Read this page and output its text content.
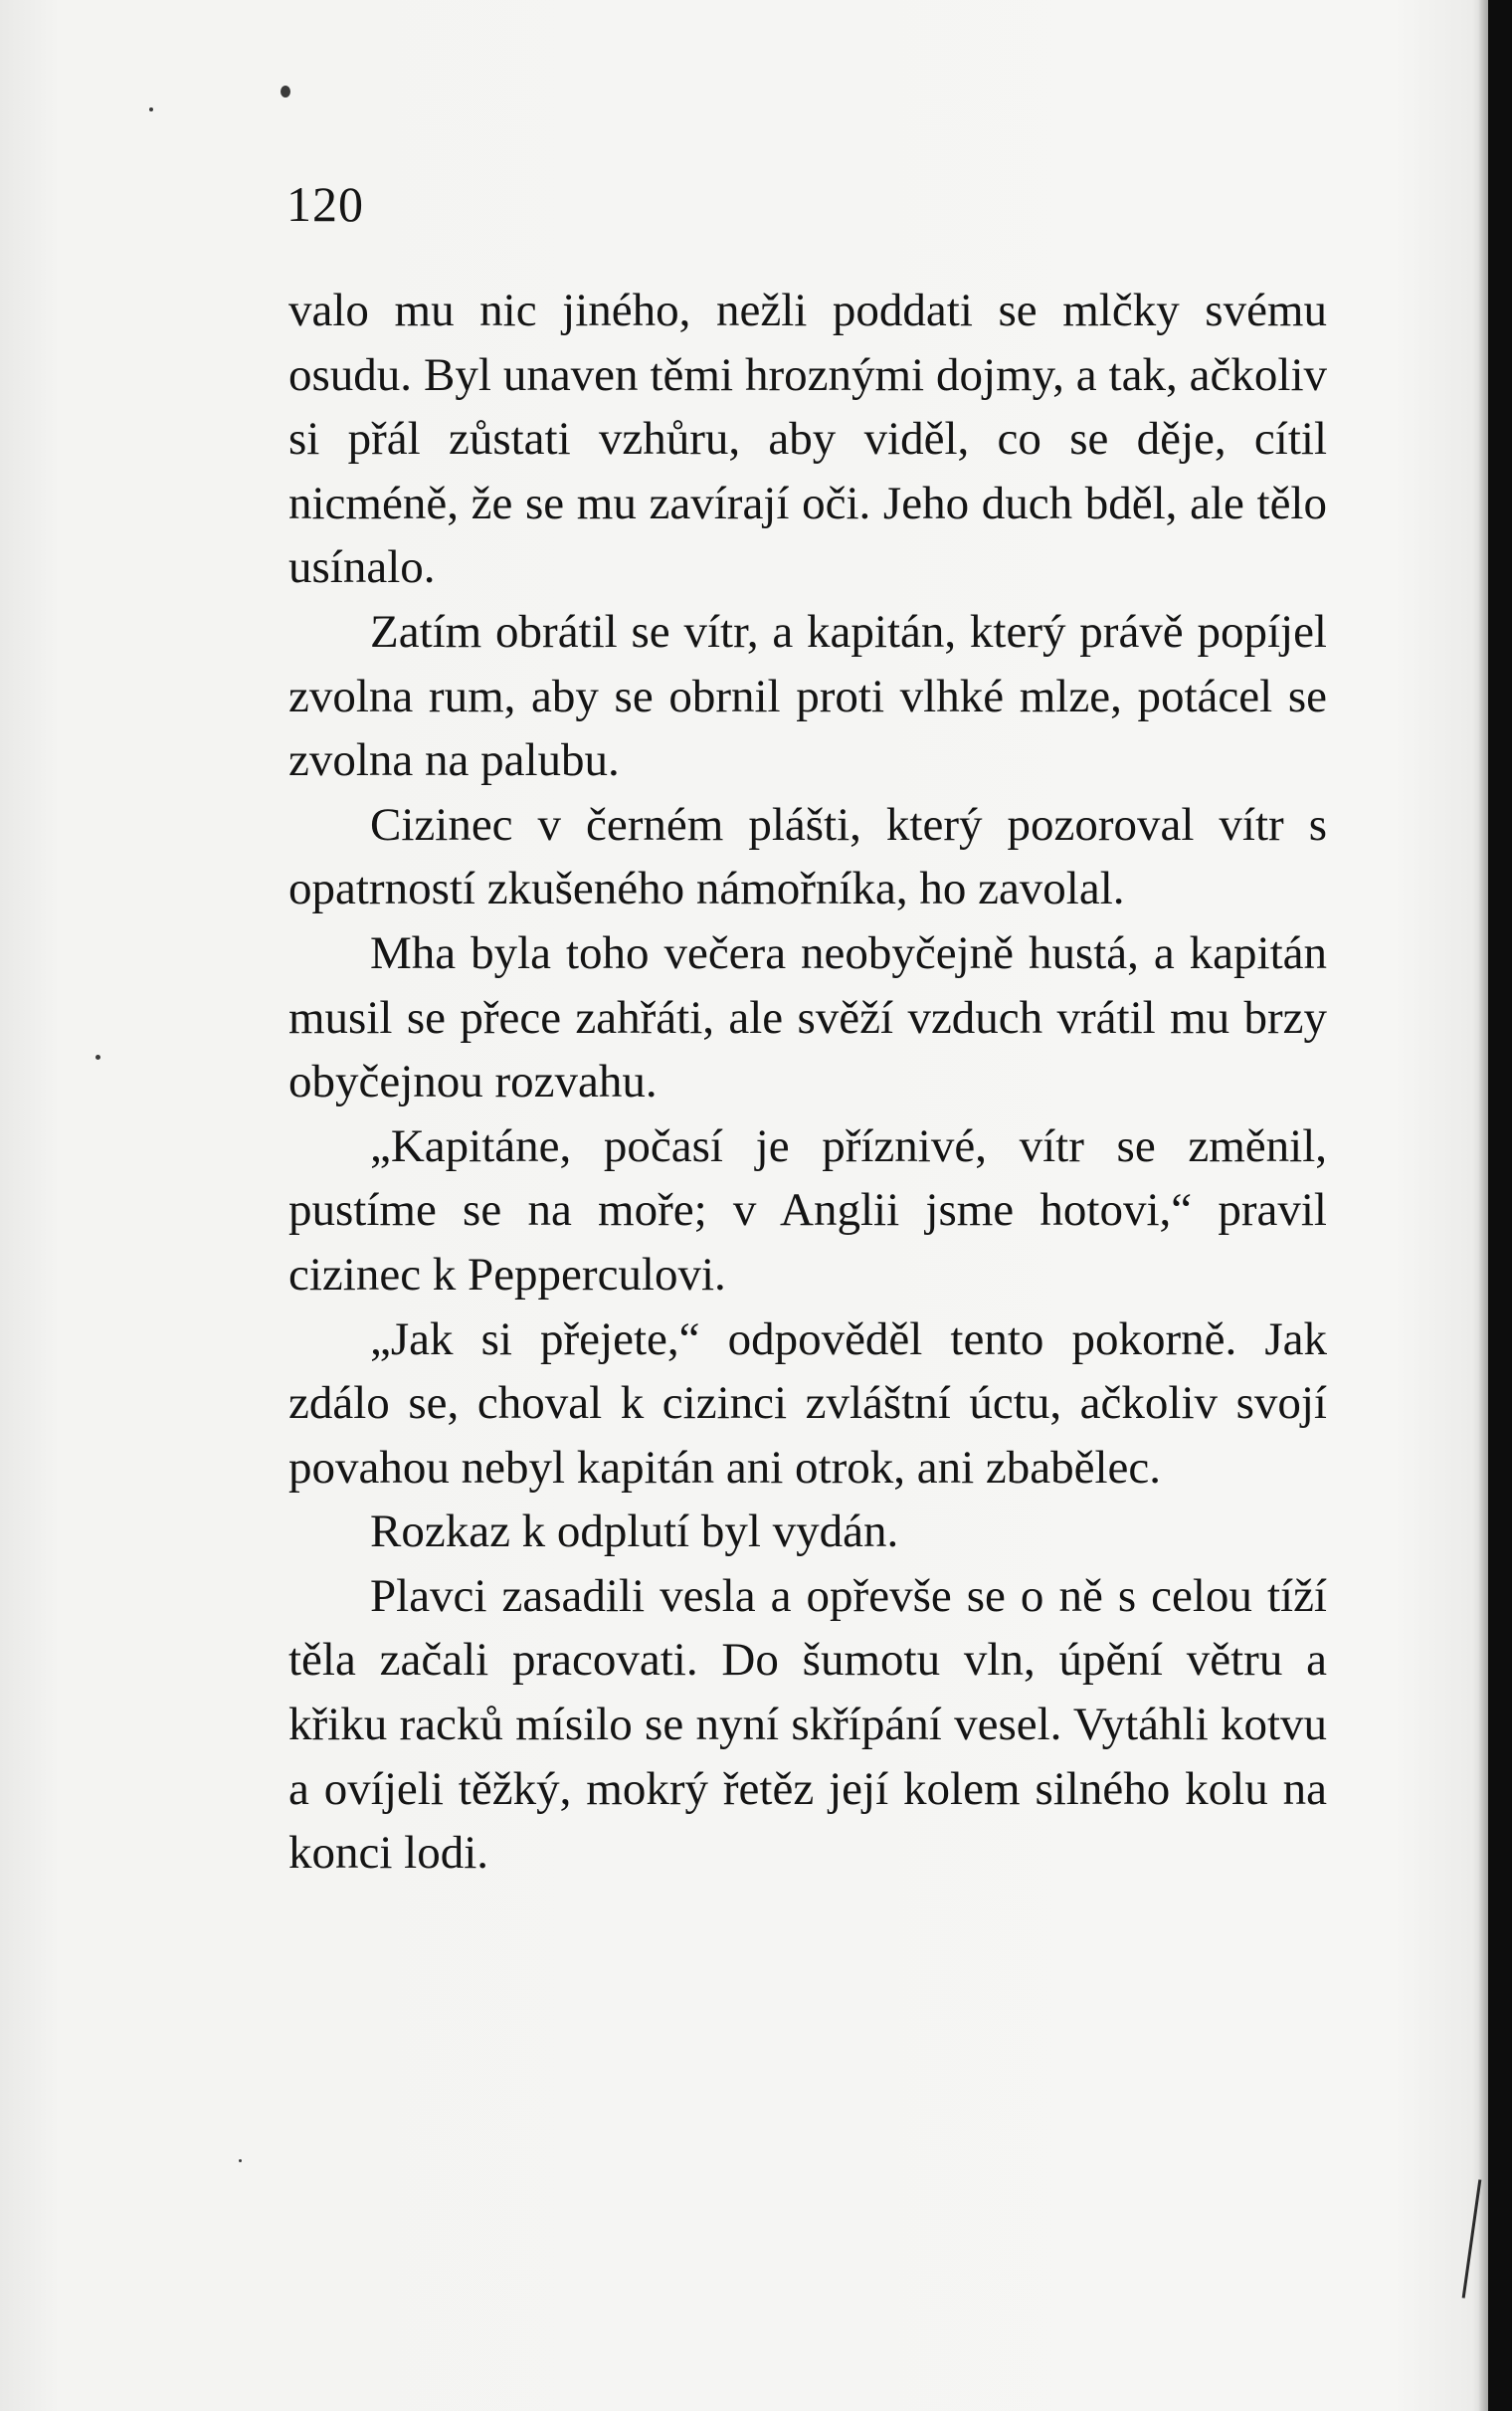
120

valo mu nic jiného, nežli poddati se mlčky svému osudu. Byl unaven těmi hroznými dojmy, a tak, ačkoliv si přál zůstati vzhůru, aby viděl, co se děje, cítil nicméně, že se mu zavírají oči. Jeho duch bděl, ale tělo usínalo.

Zatím obrátil se vítr, a kapitán, který právě popíjel zvolna rum, aby se obrnil proti vlhké mlze, potácel se zvolna na palubu.

Cizinec v černém plášti, který pozoroval vítr s opatrností zkušeného námořníka, ho zavolal.

Mha byla toho večera neobyčejně hustá, a kapitán musil se přece zahřáti, ale svěží vzduch vrátil mu brzy obyčejnou rozvahu.

„Kapitáne, počasí je příznivé, vítr se změnil, pustíme se na moře; v Anglii jsme hotovi,“ pravil cizinec k Pepperculovi.

„Jak si přejete,“ odpověděl tento pokorně. Jak zdálo se, choval k cizinci zvláštní úctu, ačkoliv svojí povahou nebyl kapitán ani otrok, ani zbabělec.

Rozkaz k odplutí byl vydán.

Plavci zasadili vesla a opřevše se o ně s celou tíží těla začali pracovati. Do šumotu vln, úpění větru a křiku racků mísilo se nyní skřípání vesel. Vytáhli kotvu a ovíjeli těžký, mokrý řetěz její kolem silného kolu na konci lodi.
